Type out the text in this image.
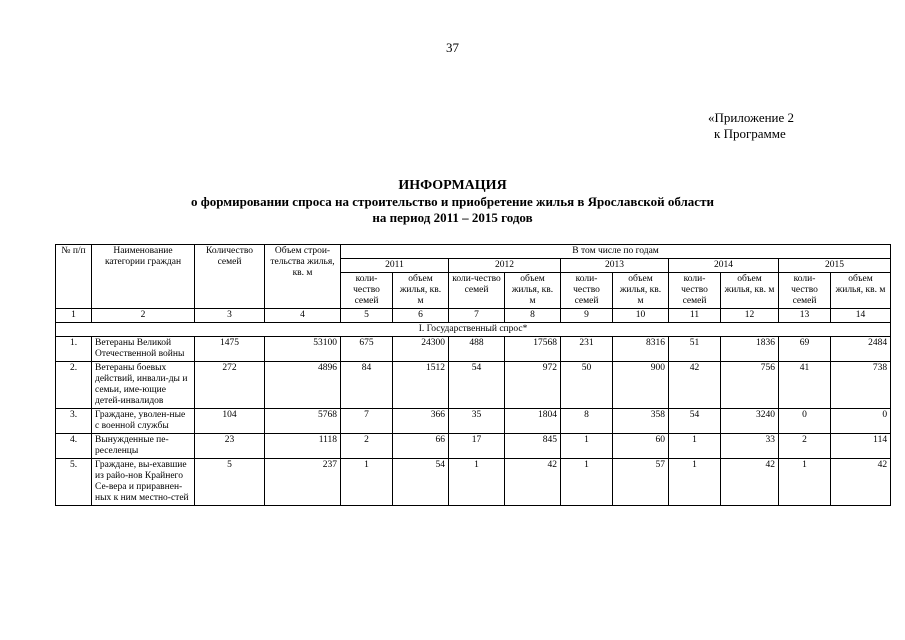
37
«Приложение 2
к Программе
ИНФОРМАЦИЯ
о формировании спроса на строительство и приобретение жилья в Ярославской области
на период 2011 – 2015 годов
№ п/п	Наименование категории граждан	Количество семей	Объем строи-тельства жилья, кв. м	В том числе по годам									
				2011		2012		2013		2014		2015	
				коли-чество семей	объем жилья, кв. м	коли-чество семей	объем жилья, кв. м	коли-чество семей	объем жилья, кв. м	коли-чество семей	объем жилья, кв. м	коли-чество семей	объем жилья, кв. м
1	2	3	4	5	6	7	8	9	10	11	12	13	14
I. Государственный спрос*													
1.	Ветераны Великой Отечественной войны	1475	53100	675	24300	488	17568	231	8316	51	1836	69	2484
2.	Ветераны боевых действий, инвали-ды и семьи, име-ющие детей-инвалидов	272	4896	84	1512	54	972	50	900	42	756	41	738
3.	Граждане, уволен-ные с военной службы	104	5768	7	366	35	1804	8	358	54	3240	0	0
4.	Вынужденные пе-реселенцы	23	1118	2	66	17	845	1	60	1	33	2	114
5.	Граждане, вы-ехавшие из райо-нов Крайнего Се-вера и приравнен-ных к ним местно-стей	5	237	1	54	1	42	1	57	1	42	1	42
